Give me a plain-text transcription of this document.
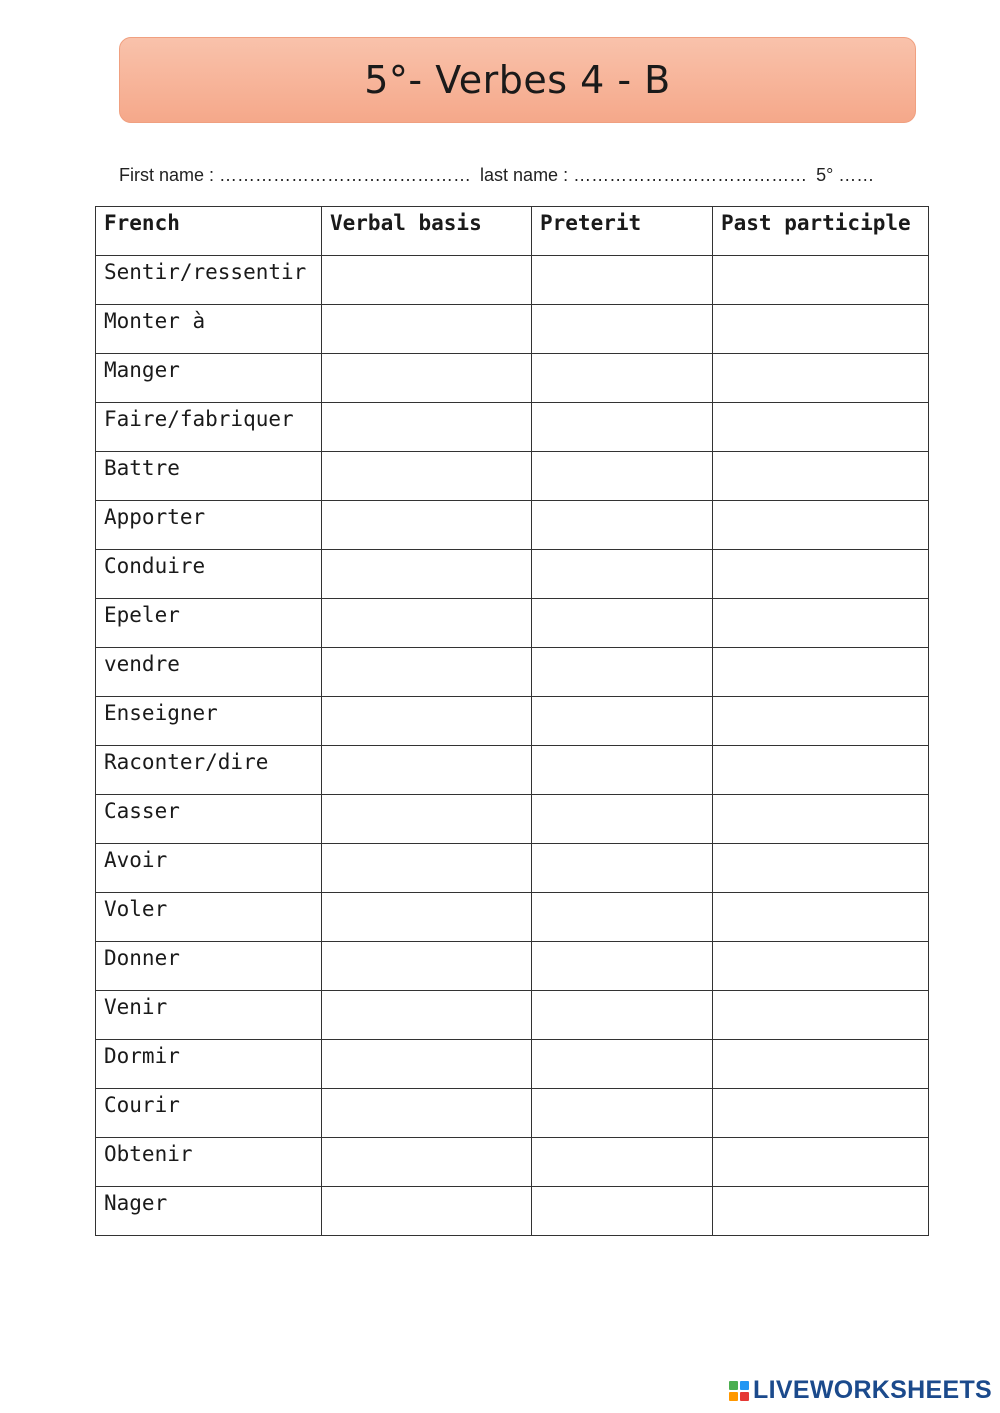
5°- Verbes 4 - B
First name : …………………………………… last name : ………………………………… 5° ……
French	Verbal basis	Preterit	Past participle
Sentir/ressentir			
Monter à			
Manger			
Faire/fabriquer			
Battre			
Apporter			
Conduire			
Epeler			
vendre			
Enseigner			
Raconter/dire			
Casser			
Avoir			
Voler			
Donner			
Venir			
Dormir			
Courir			
Obtenir			
Nager			
LIVEWORKSHEETS
